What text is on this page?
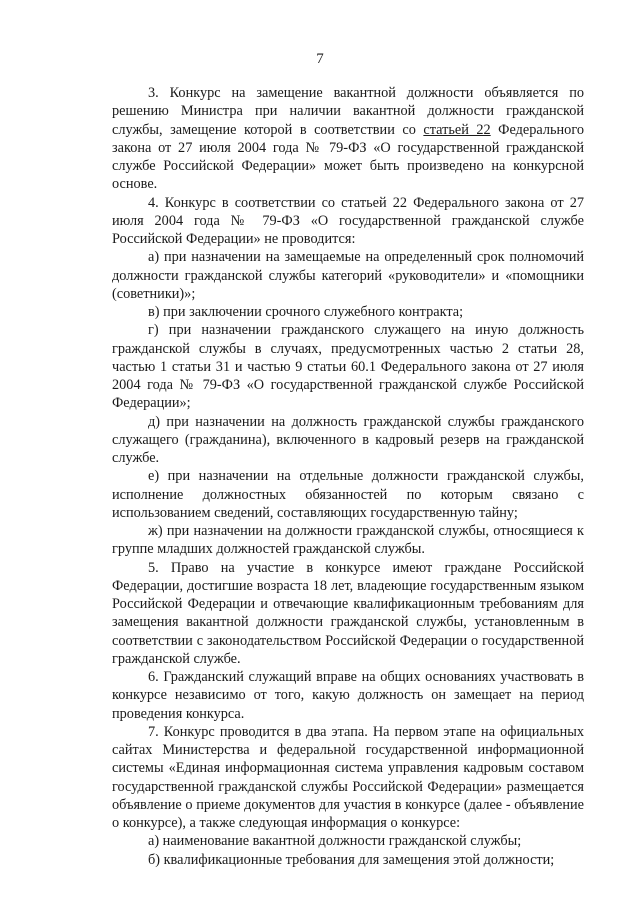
7

3. Конкурс на замещение вакантной должности объявляется по решению Министра при наличии вакантной должности гражданской службы, замещение которой в соответствии со статьей 22 Федерального закона от 27 июля 2004 года № 79-ФЗ «О государственной гражданской службе Российской Федерации» может быть произведено на конкурсной основе.

4. Конкурс в соответствии со статьей 22 Федерального закона от 27 июля 2004 года № 79-ФЗ «О государственной гражданской службе Российской Федерации» не проводится:

а) при назначении на замещаемые на определенный срок полномочий должности гражданской службы категорий «руководители» и «помощники (советники)»;

в) при заключении срочного служебного контракта;

г) при назначении гражданского служащего на иную должность гражданской службы в случаях, предусмотренных частью 2 статьи 28, частью 1 статьи 31 и частью 9 статьи 60.1 Федерального закона от 27 июля 2004 года № 79-ФЗ «О государственной гражданской службе Российской Федерации»;

д) при назначении на должность гражданской службы гражданского служащего (гражданина), включенного в кадровый резерв на гражданской службе.

е) при назначении на отдельные должности гражданской службы, исполнение должностных обязанностей по которым связано с использованием сведений, составляющих государственную тайну;

ж) при назначении на должности гражданской службы, относящиеся к группе младших должностей гражданской службы.

5. Право на участие в конкурсе имеют граждане Российской Федерации, достигшие возраста 18 лет, владеющие государственным языком Российской Федерации и отвечающие квалификационным требованиям для замещения вакантной должности гражданской службы, установленным в соответствии с законодательством Российской Федерации о государственной гражданской службе.

6. Гражданский служащий вправе на общих основаниях участвовать в конкурсе независимо от того, какую должность он замещает на период проведения конкурса.

7. Конкурс проводится в два этапа. На первом этапе на официальных сайтах Министерства и федеральной государственной информационной системы «Единая информационная система управления кадровым составом государственной гражданской службы Российской Федерации» размещается объявление о приеме документов для участия в конкурсе (далее - объявление о конкурсе), а также следующая информация о конкурсе:

а) наименование вакантной должности гражданской службы;

б) квалификационные требования для замещения этой должности;
